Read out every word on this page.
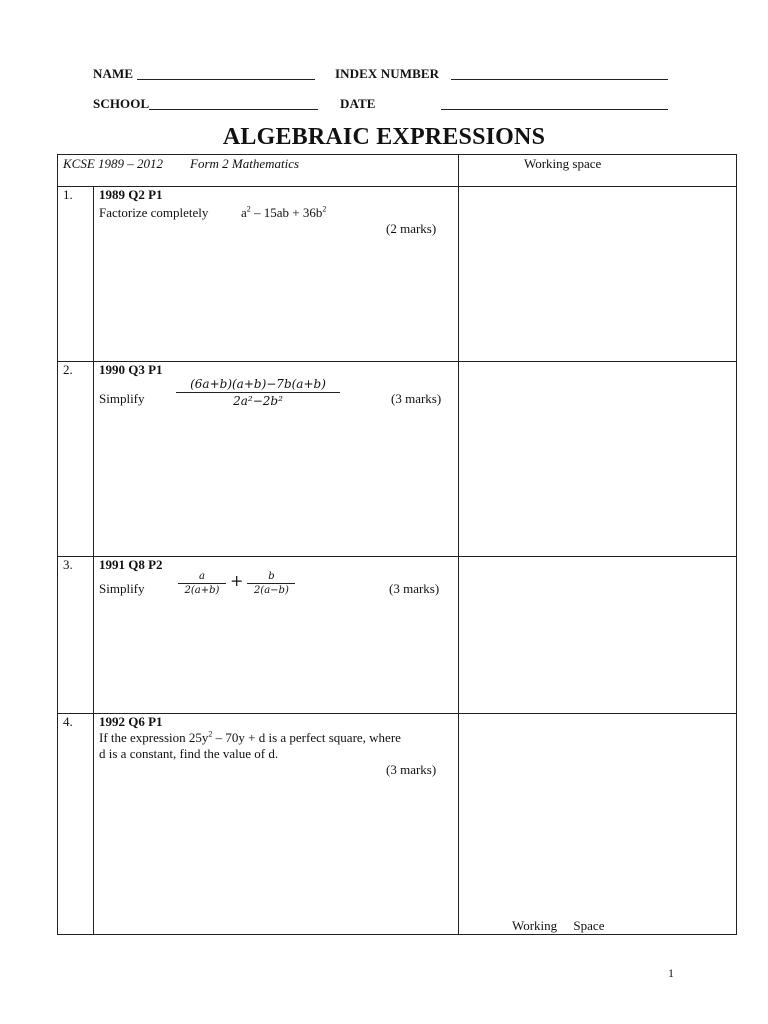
NAME	INDEX NUMBER
SCHOOL	DATE
ALGEBRAIC EXPRESSIONS
KCSE 1989 – 2012 Form 2 Mathematics	Working space
1. 1989 Q2 P1
Factorize completely	$a^2 - 15ab + 36b^2$
(2 marks)
2. 1990 Q3 P1
Simplify	$\frac{(6a+b)(a+b)-7b(a+b)}{\text{2a²−2b²}}$	(3 marks)
3. 1991 Q8 P2
Simplify	$\frac{a}{2(a+b)} + \frac{b}{2(a-b)}$	(3 marks)
4. 1992 Q6 P1
If the expression $25y^2 - 70y + d$ is a perfect square, where
d is a constant, find the value of d.
(3 marks)
Working     Space
1
